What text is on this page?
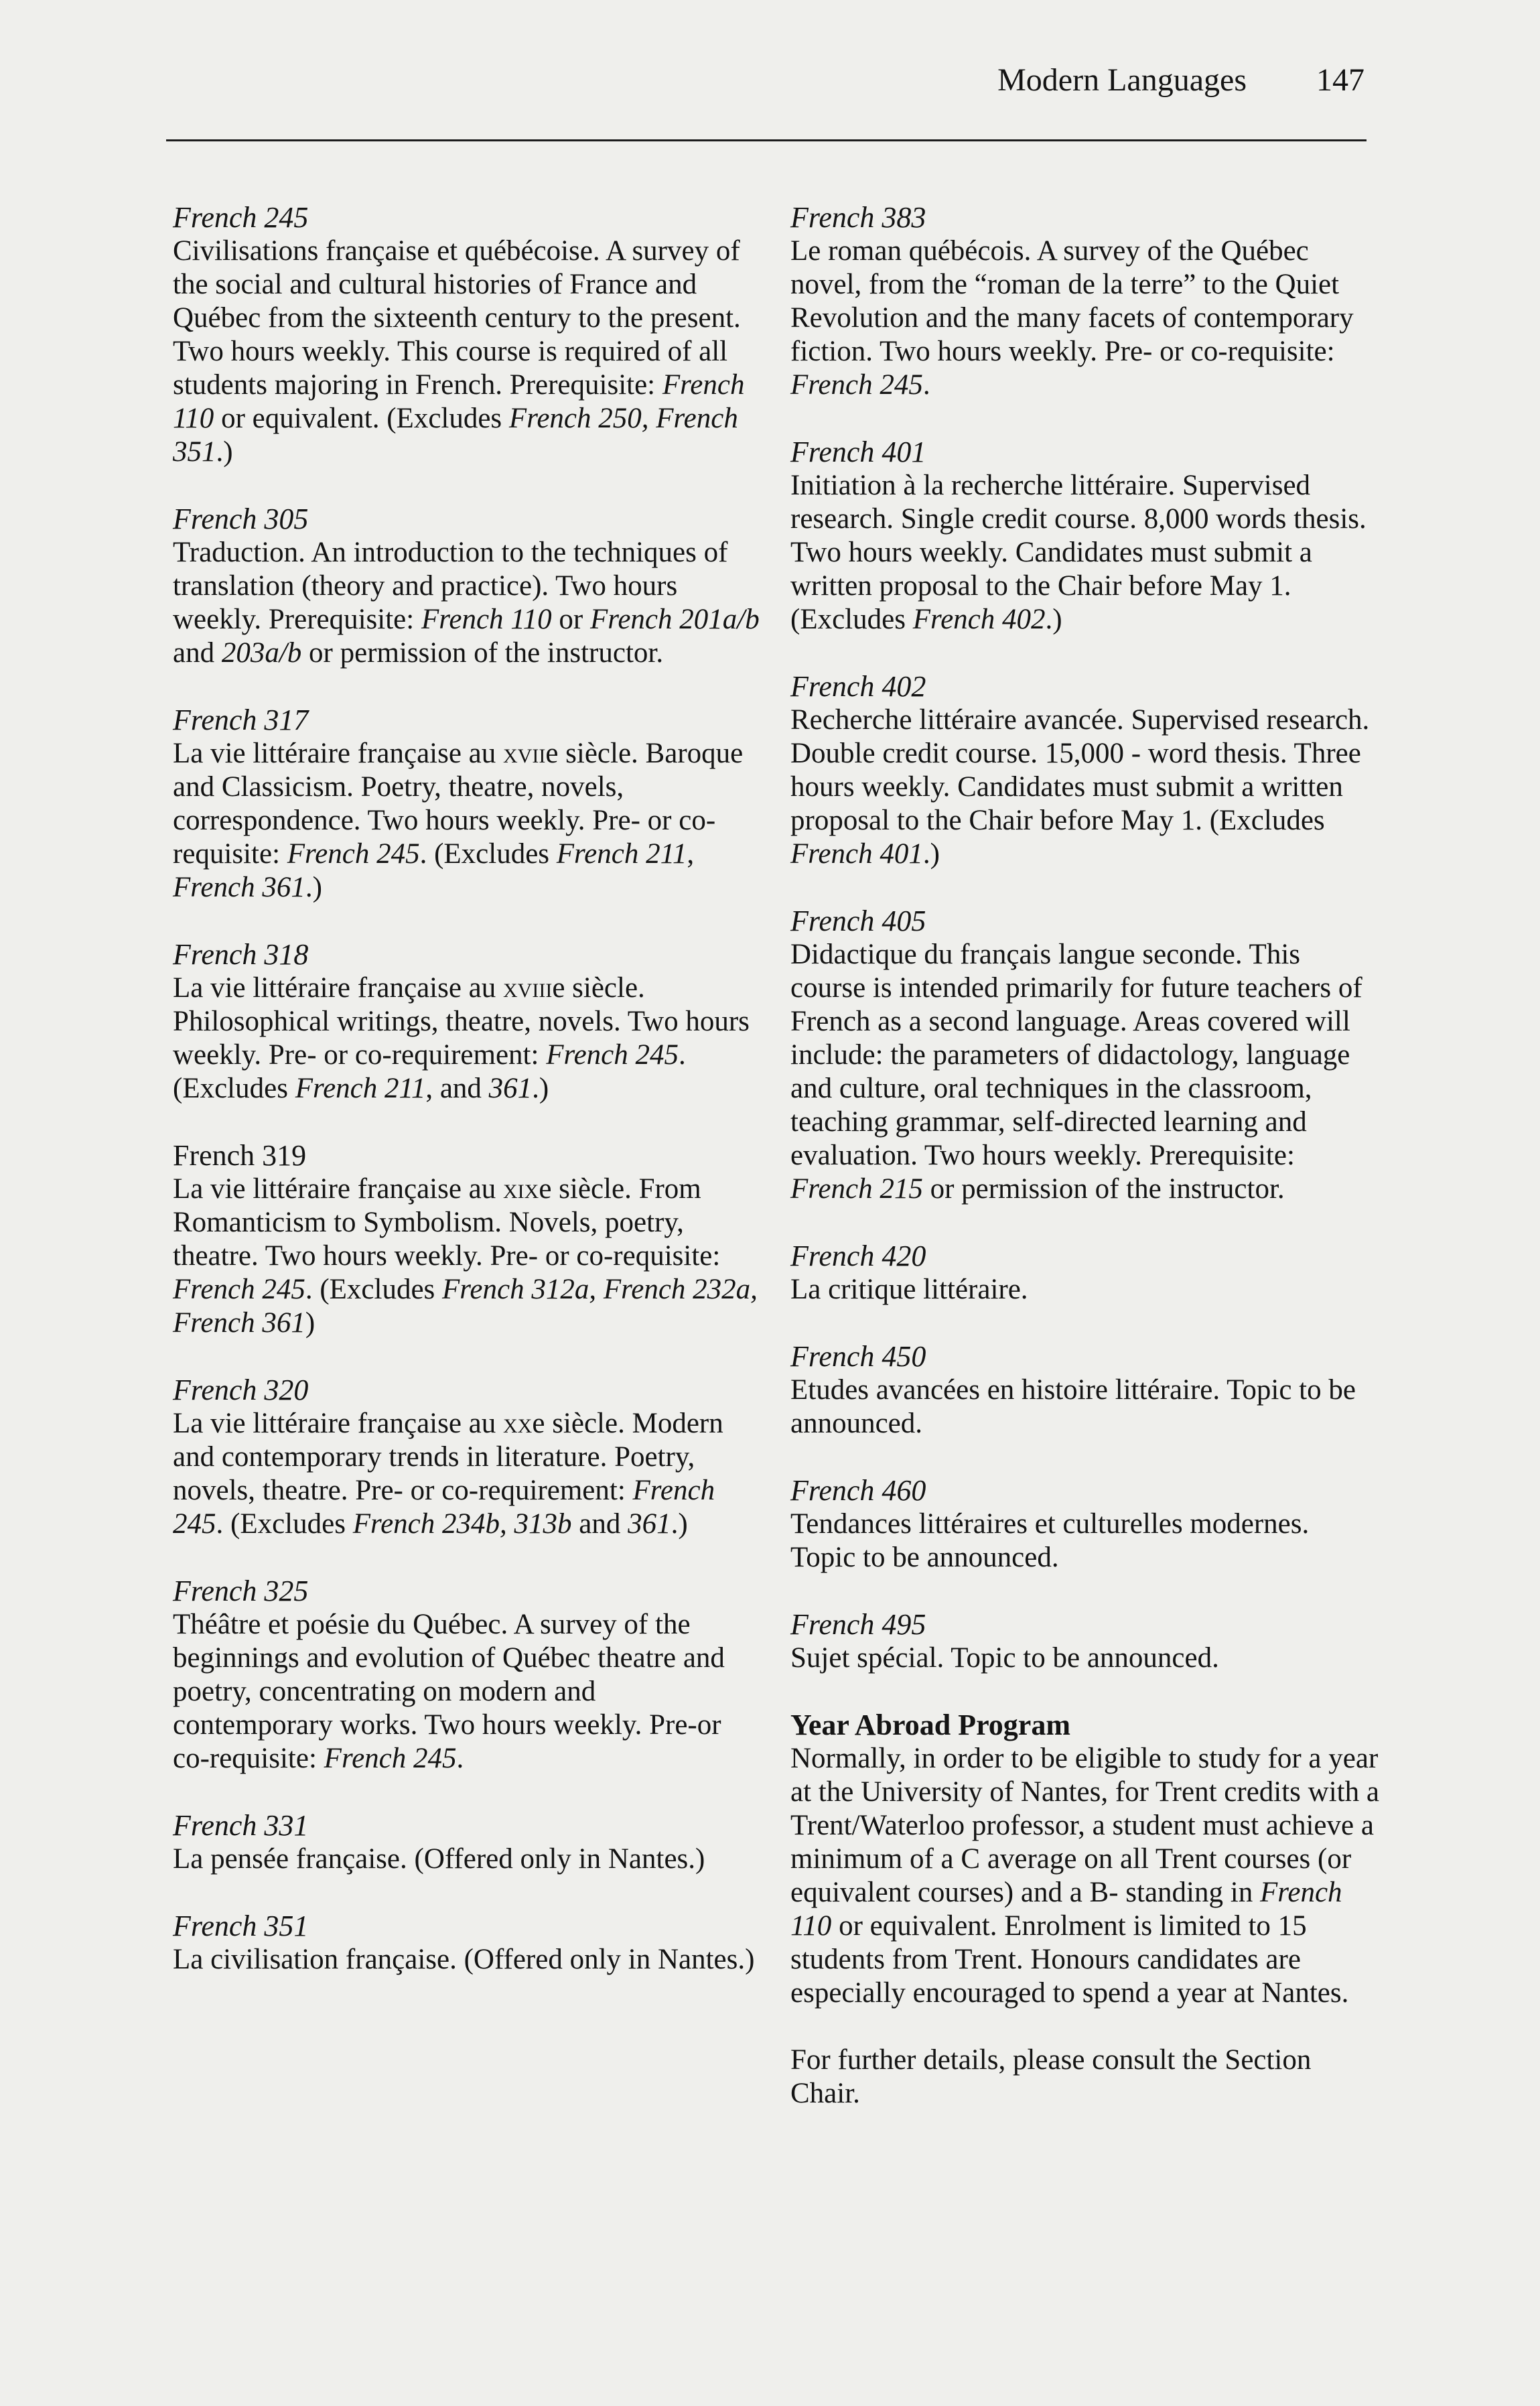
Modern Languages 147
French 245
Civilisations française et québécoise. A survey of the social and cultural histories of France and Québec from the sixteenth century to the present. Two hours weekly. This course is required of all students majoring in French. Prerequisite: French 110 or equivalent. (Excludes French 250, French 351.)
French 305
Traduction. An introduction to the techniques of translation (theory and practice). Two hours weekly. Prerequisite: French 110 or French 201a/b and 203a/b or permission of the instructor.
French 317
La vie littéraire française au xviie siècle. Baroque and Classicism. Poetry, theatre, novels, correspondence. Two hours weekly. Pre- or co-requisite: French 245. (Excludes French 211, French 361.)
French 318
La vie littéraire française au xviiie siècle. Philosophical writings, theatre, novels. Two hours weekly. Pre- or co-requirement: French 245. (Excludes French 211, and 361.)
French 319
La vie littéraire française au xixe siècle. From Romanticism to Symbolism. Novels, poetry, theatre. Two hours weekly. Pre- or co-requisite: French 245. (Excludes French 312a, French 232a, French 361)
French 320
La vie littéraire française au xxe siècle. Modern and contemporary trends in literature. Poetry, novels, theatre. Pre- or co-requirement: French 245. (Excludes French 234b, 313b and 361.)
French 325
Théâtre et poésie du Québec. A survey of the beginnings and evolution of Québec theatre and poetry, concentrating on modern and contemporary works. Two hours weekly. Pre-or co-requisite: French 245.
French 331
La pensée française. (Offered only in Nantes.)
French 351
La civilisation française. (Offered only in Nantes.)
French 383
Le roman québécois. A survey of the Québec novel, from the “roman de la terre” to the Quiet Revolution and the many facets of contemporary fiction. Two hours weekly. Pre- or co-requisite: French 245.
French 401
Initiation à la recherche littéraire. Supervised research. Single credit course. 8,000 words thesis. Two hours weekly. Candidates must submit a written proposal to the Chair before May 1. (Excludes French 402.)
French 402
Recherche littéraire avancée. Supervised research. Double credit course. 15,000 - word thesis. Three hours weekly. Candidates must submit a written proposal to the Chair before May 1. (Excludes French 401.)
French 405
Didactique du français langue seconde. This course is intended primarily for future teachers of French as a second language. Areas covered will include: the parameters of didactology, language and culture, oral techniques in the classroom, teaching grammar, self-directed learning and evaluation. Two hours weekly. Prerequisite: French 215 or permission of the instructor.
French 420
La critique littéraire.
French 450
Etudes avancées en histoire littéraire. Topic to be announced.
French 460
Tendances littéraires et culturelles modernes. Topic to be announced.
French 495
Sujet spécial. Topic to be announced.
Year Abroad Program
Normally, in order to be eligible to study for a year at the University of Nantes, for Trent credits with a Trent/Waterloo professor, a student must achieve a minimum of a C average on all Trent courses (or equivalent courses) and a B- standing in French 110 or equivalent. Enrolment is limited to 15 students from Trent. Honours candidates are especially encouraged to spend a year at Nantes.
For further details, please consult the Section Chair.
